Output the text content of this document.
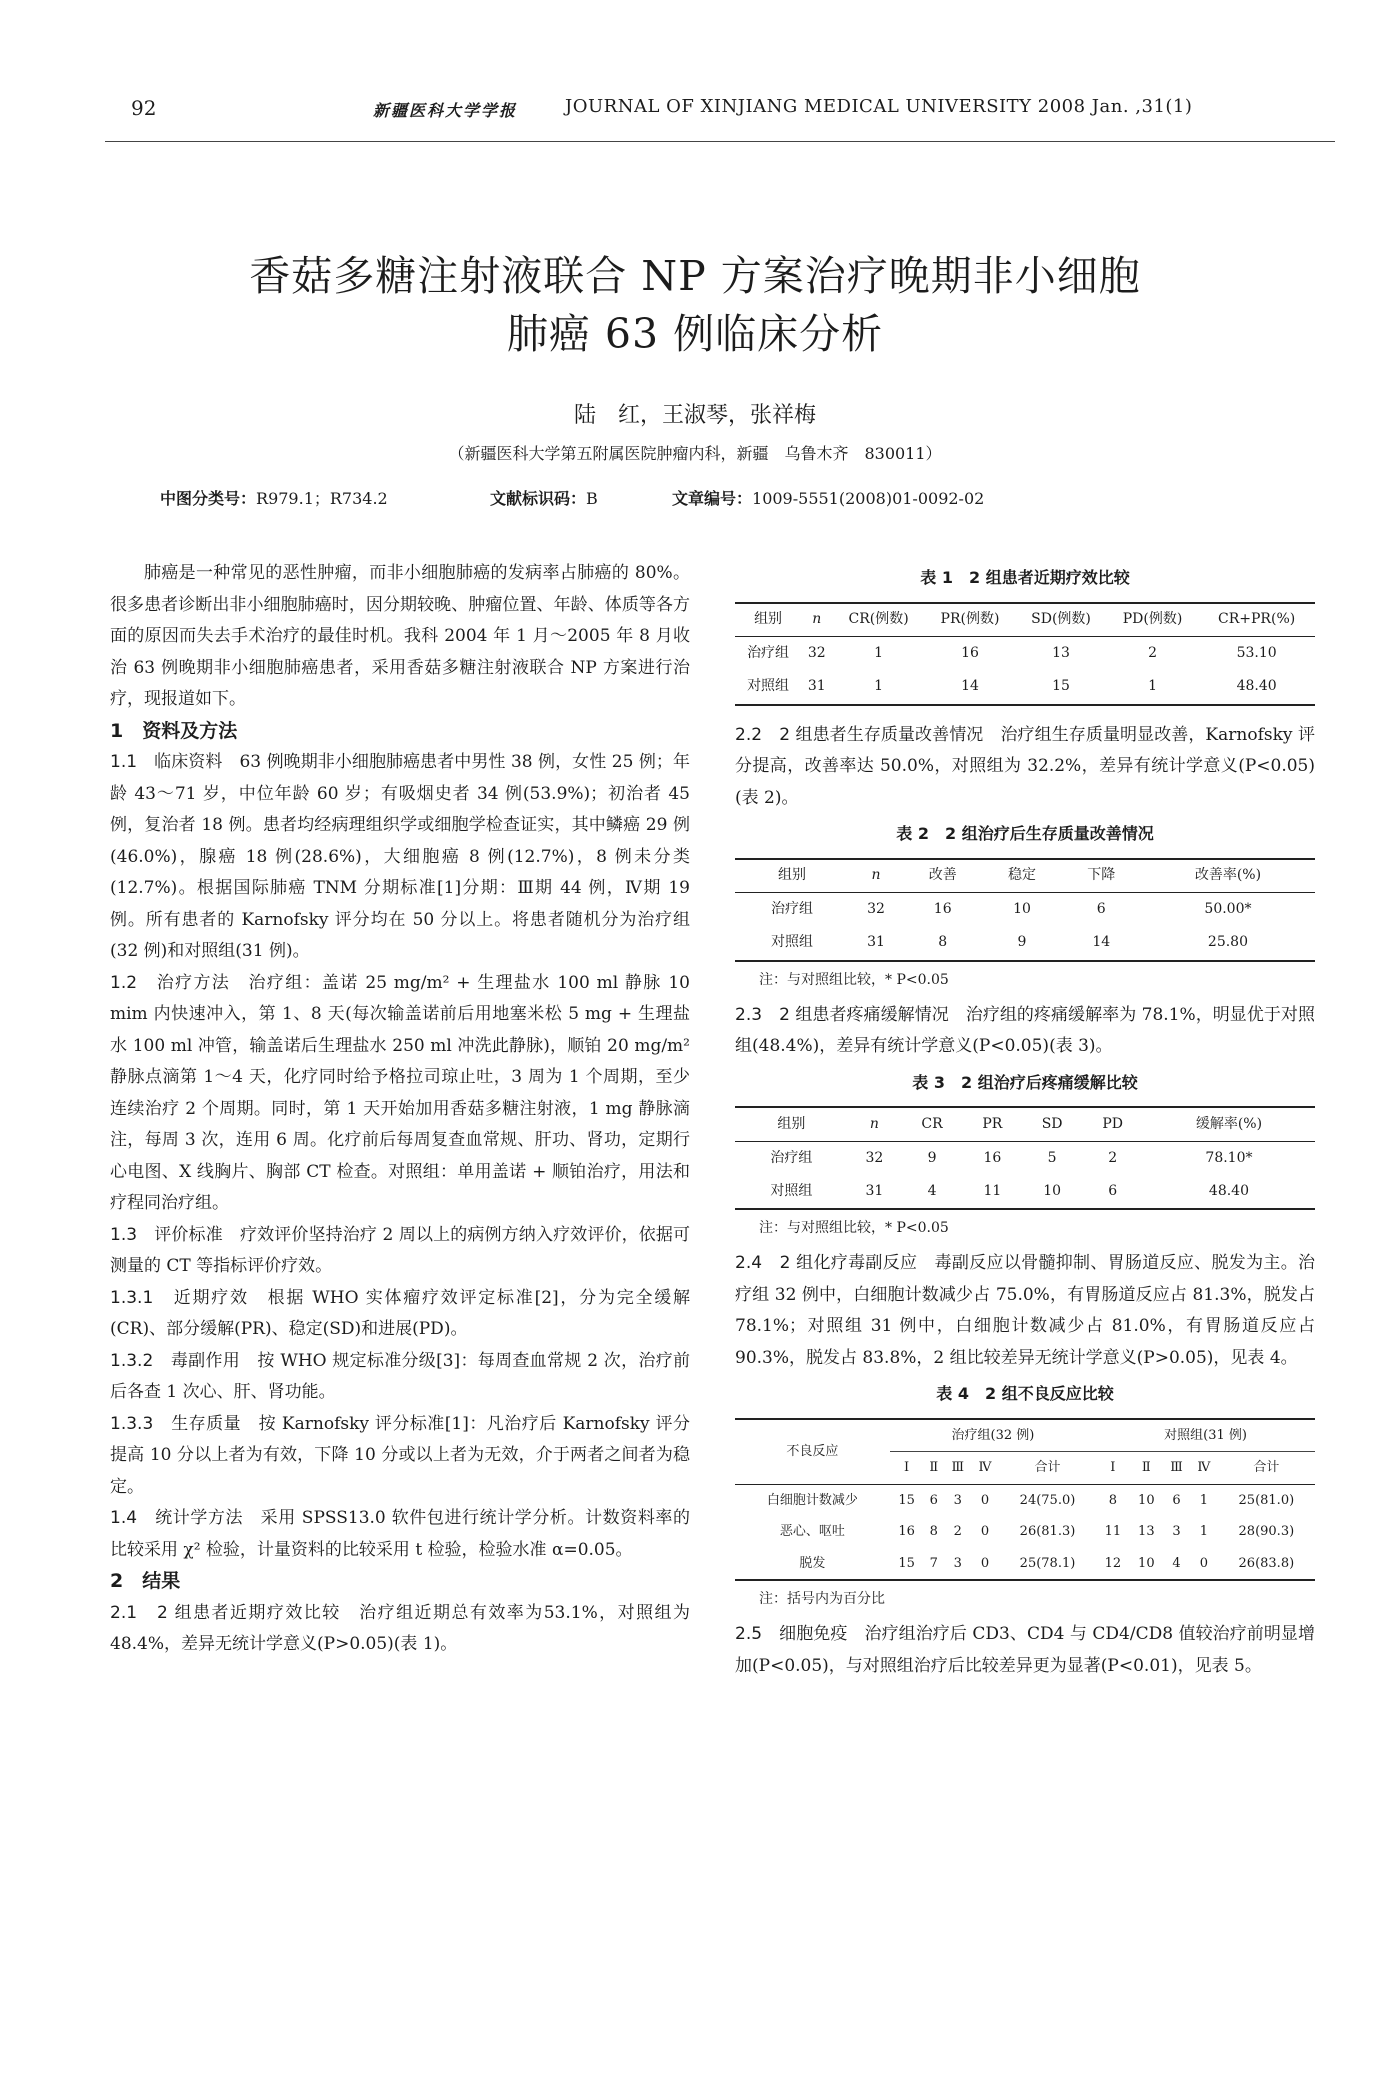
92	新疆医科大学学报	JOURNAL OF XINJIANG MEDICAL UNIVERSITY 2008 Jan. ,31(1)
香菇多糖注射液联合 NP 方案治疗晚期非小细胞
肺癌 63 例临床分析
陆　红，王淑琴，张祥梅
（新疆医科大学第五附属医院肿瘤内科，新疆　乌鲁木齐　830011）
中图分类号：R979.1；R734.2	文献标识码：B	文章编号：1009-5551(2008)01-0092-02

肺癌是一种常见的恶性肿瘤，而非小细胞肺癌的发病率占肺癌的 80%。很多患者诊断出非小细胞肺癌时，因分期较晚、肿瘤位置、年龄、体质等各方面的原因而失去手术治疗的最佳时机。我科 2004 年 1 月～2005 年 8 月收治 63 例晚期非小细胞肺癌患者，采用香菇多糖注射液联合 NP 方案进行治疗，现报道如下。

1　资料及方法

1.1　临床资料　63 例晚期非小细胞肺癌患者中男性 38 例，女性 25 例；年龄 43～71 岁，中位年龄 60 岁；有吸烟史者 34 例(53.9%)；初治者 45 例，复治者 18 例。患者均经病理组织学或细胞学检查证实，其中鳞癌 29 例(46.0%)，腺癌 18 例(28.6%)，大细胞癌 8 例(12.7%)，8 例未分类(12.7%)。根据国际肺癌 TNM 分期标准[1]分期：Ⅲ期 44 例，Ⅳ期 19 例。所有患者的 Karnofsky 评分均在 50 分以上。将患者随机分为治疗组(32 例)和对照组(31 例)。

1.2　治疗方法　治疗组：盖诺 25 mg/m² + 生理盐水 100 ml 静脉 10 mim 内快速冲入，第 1、8 天(每次输盖诺前后用地塞米松 5 mg + 生理盐水 100 ml 冲管，输盖诺后生理盐水 250 ml 冲洗此静脉)，顺铂 20 mg/m² 静脉点滴第 1～4 天，化疗同时给予格拉司琼止吐，3 周为 1 个周期，至少连续治疗 2 个周期。同时，第 1 天开始加用香菇多糖注射液，1 mg 静脉滴注，每周 3 次，连用 6 周。化疗前后每周复查血常规、肝功、肾功，定期行心电图、X 线胸片、胸部 CT 检查。对照组：单用盖诺 + 顺铂治疗，用法和疗程同治疗组。

1.3　评价标准　疗效评价坚持治疗 2 周以上的病例方纳入疗效评价，依据可测量的 CT 等指标评价疗效。

1.3.1　近期疗效　根据 WHO 实体瘤疗效评定标准[2]，分为完全缓解(CR)、部分缓解(PR)、稳定(SD)和进展(PD)。

1.3.2　毒副作用　按 WHO 规定标准分级[3]：每周查血常规 2 次，治疗前后各查 1 次心、肝、肾功能。

1.3.3　生存质量　按 Karnofsky 评分标准[1]：凡治疗后 Karnofsky 评分提高 10 分以上者为有效，下降 10 分或以上者为无效，介于两者之间者为稳定。

1.4　统计学方法　采用 SPSS13.0 软件包进行统计学分析。计数资料率的比较采用 χ² 检验，计量资料的比较采用 t 检验，检验水准 α=0.05。

2　结果

2.1　2 组患者近期疗效比较　治疗组近期总有效率为53.1%，对照组为 48.4%，差异无统计学意义(P>0.05)(表 1)。

表 1　2 组患者近期疗效比较
组别	n	CR(例数)	PR(例数)	SD(例数)	PD(例数)	CR+PR(%)
治疗组	32	1	16	13	2	53.10
对照组	31	1	14	15	1	48.40

2.2　2 组患者生存质量改善情况　治疗组生存质量明显改善，Karnofsky 评分提高，改善率达 50.0%，对照组为 32.2%，差异有统计学意义(P<0.05)(表 2)。

表 2　2 组治疗后生存质量改善情况
组别	n	改善	稳定	下降	改善率(%)
治疗组	32	16	10	6	50.00*
对照组	31	8	9	14	25.80
注：与对照组比较，* P<0.05

2.3　2 组患者疼痛缓解情况　治疗组的疼痛缓解率为 78.1%，明显优于对照组(48.4%)，差异有统计学意义(P<0.05)(表 3)。

表 3　2 组治疗后疼痛缓解比较
组别	n	CR	PR	SD	PD	缓解率(%)
治疗组	32	9	16	5	2	78.10*
对照组	31	4	11	10	6	48.40
注：与对照组比较，* P<0.05

2.4　2 组化疗毒副反应　毒副反应以骨髓抑制、胃肠道反应、脱发为主。治疗组 32 例中，白细胞计数减少占 75.0%，有胃肠道反应占 81.3%，脱发占 78.1%；对照组 31 例中，白细胞计数减少占 81.0%，有胃肠道反应占 90.3%，脱发占 83.8%，2 组比较差异无统计学意义(P>0.05)，见表 4。

表 4　2 组不良反应比较
不良反应	治疗组(32 例)					对照组(31 例)				
	Ⅰ	Ⅱ	Ⅲ	Ⅳ	合计	Ⅰ	Ⅱ	Ⅲ	Ⅳ	合计
白细胞计数减少	15	6	3	0	24(75.0)	8	10	6	1	25(81.0)
恶心、呕吐	16	8	2	0	26(81.3)	11	13	3	1	28(90.3)
脱发	15	7	3	0	25(78.1)	12	10	4	0	26(83.8)
注：括号内为百分比

2.5　细胞免疫　治疗组治疗后 CD3、CD4 与 CD4/CD8 值较治疗前明显增加(P<0.05)，与对照组治疗后比较差异更为显著(P<0.01)，见表 5。
